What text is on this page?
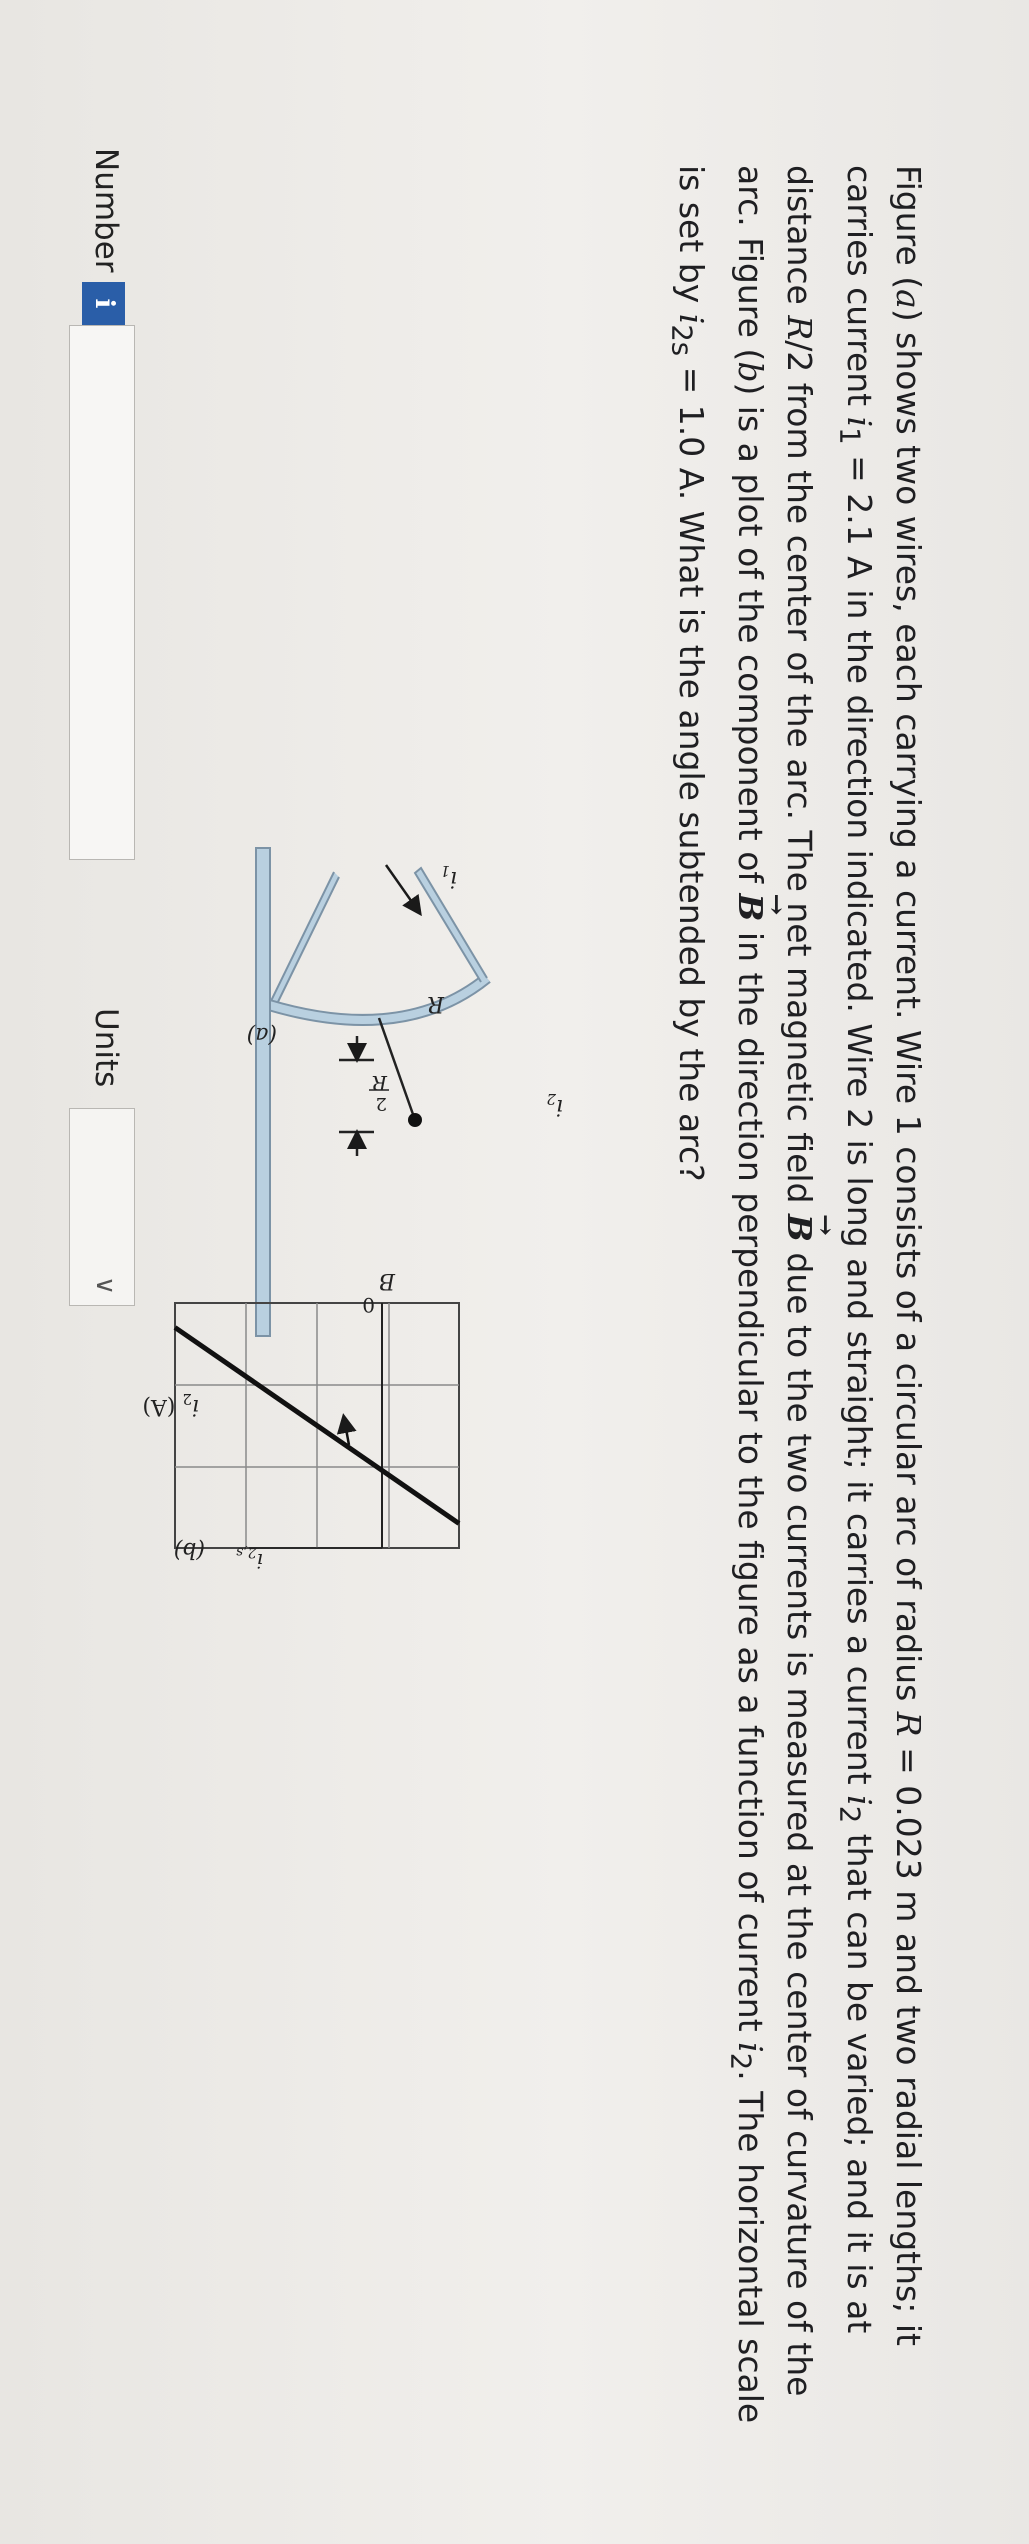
Figure (a) shows two wires, each carrying a current. Wire 1 consists of a circular arc of radius R = 0.023 m and two radial lengths; it carries current $i_1 = 2.1$ A in the direction indicated. Wire 2 is long and straight; it carries a current $i_2$ that can be varied; and it is at distance R/2 from the center of the arc. The net magnetic field → B due to the two currents is measured at the center of curvature of the arc. Figure (b) is a plot of the component of → B in the direction perpendicular to the figure as a function of current $i_2$. The horizontal scale is set by $i_{2s} = 1.0$ A. What is the angle subtended by the arc?

$i_1$
R
$i_2$
R
2
(a)
B
0
$i_{2,s}$
$i_2$ (A)
(b)
Number
i
Units
∨
